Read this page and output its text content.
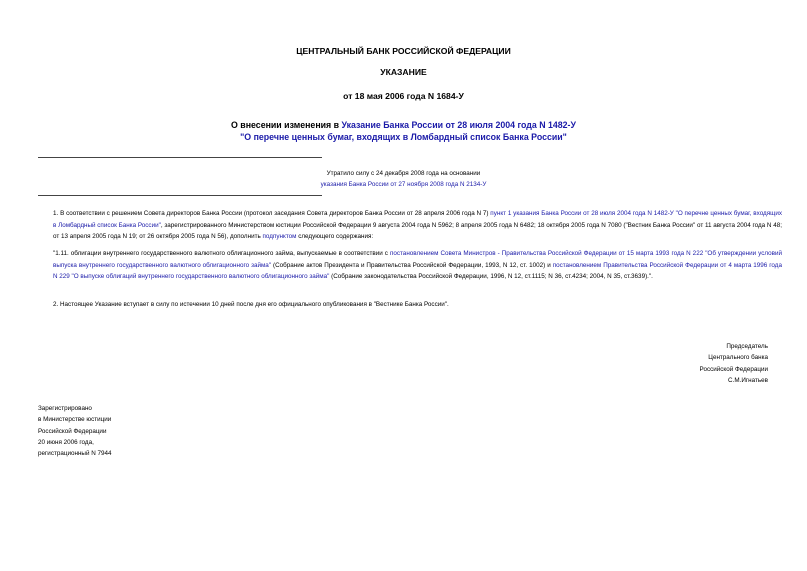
ЦЕНТРАЛЬНЫЙ БАНК РОССИЙСКОЙ ФЕДЕРАЦИИ
УКАЗАНИЕ
от 18 мая 2006 года N 1684-У
О внесении изменения в Указание Банка России от 28 июля 2004 года N 1482-У
"О перечне ценных бумаг, входящих в Ломбардный список Банка России"
Утратило силу с 24 декабря 2008 года на основании
указания Банка России от 27 ноября 2008 года N 2134-У

1. В соответствии с решением Совета директоров Банка России (протокол заседания Совета директоров Банка России от 28 апреля 2006 года N 7) пункт 1 указания Банка России от 28 июля 2004 года N 1482-У "О перечне ценных бумаг, входящих в Ломбардный список Банка России", зарегистрированного Министерством юстиции Российской Федерации 9 августа 2004 года N 5962; 8 апреля 2005 года N 6482; 18 октября 2005 года N 7080 ("Вестник Банка России" от 11 августа 2004 года N 48; от 13 апреля 2005 года N 19; от 26 октября 2005 года N 56), дополнить подпунктом следующего содержания:

"1.11. облигации внутреннего государственного валютного облигационного займа, выпускаемые в соответствии с постановлением Совета Министров - Правительства Российской Федерации от 15 марта 1993 года N 222 "Об утверждении условий выпуска внутреннего государственного валютного облигационного займа" (Собрание актов Президента и Правительства Российской Федерации, 1993, N 12, ст. 1002) и постановлением Правительства Российской Федерации от 4 марта 1996 года N 229 "О выпуске облигаций внутреннего государственного валютного облигационного займа" (Собрание законодательства Российской Федерации, 1996, N 12, ст.1115; N 36, ст.4234; 2004, N 35, ст.3639).".

2. Настоящее Указание вступает в силу по истечении 10 дней после дня его официального опубликования в "Вестнике Банка России".

Председатель
Центрального банка
Российской Федерации
С.М.Игнатьев
Зарегистрировано
в Министерстве юстиции
Российской Федерации
20 июня 2006 года,
регистрационный N 7944
